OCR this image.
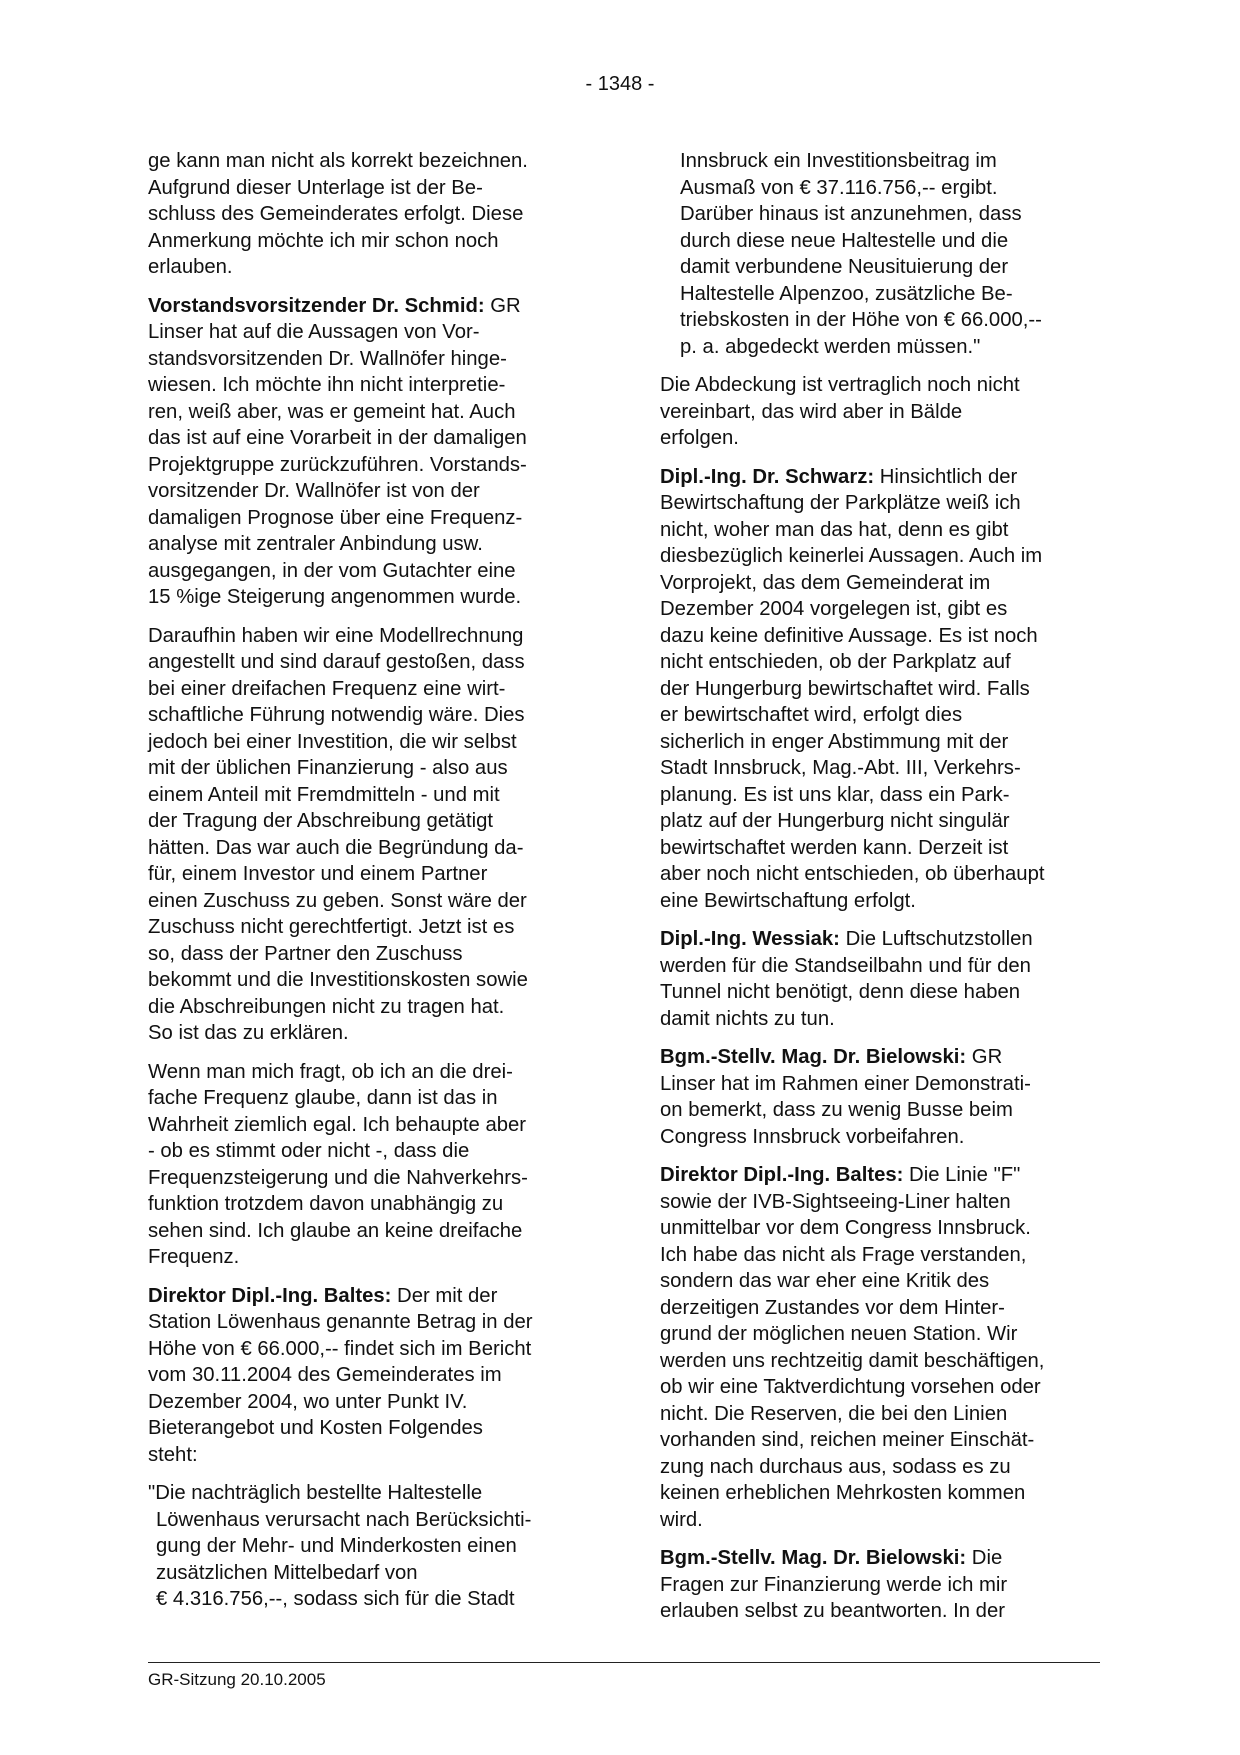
- 1348 -

ge kann man nicht als korrekt bezeichnen.
Aufgrund dieser Unterlage ist der Be-
schluss des Gemeinderates erfolgt. Diese
Anmerkung möchte ich mir schon noch
erlauben.

Vorstandsvorsitzender Dr. Schmid: GR
Linser hat auf die Aussagen von Vor-
standsvorsitzenden Dr. Wallnöfer hinge-
wiesen. Ich möchte ihn nicht interpretie-
ren, weiß aber, was er gemeint hat. Auch
das ist auf eine Vorarbeit in der damaligen
Projektgruppe zurückzuführen. Vorstands-
vorsitzender Dr. Wallnöfer ist von der
damaligen Prognose über eine Frequenz-
analyse mit zentraler Anbindung usw.
ausgegangen, in der vom Gutachter eine
15 %ige Steigerung angenommen wurde.

Daraufhin haben wir eine Modellrechnung
angestellt und sind darauf gestoßen, dass
bei einer dreifachen Frequenz eine wirt-
schaftliche Führung notwendig wäre. Dies
jedoch bei einer Investition, die wir selbst
mit der üblichen Finanzierung - also aus
einem Anteil mit Fremdmitteln - und mit
der Tragung der Abschreibung getätigt
hätten. Das war auch die Begründung da-
für, einem Investor und einem Partner
einen Zuschuss zu geben. Sonst wäre der
Zuschuss nicht gerechtfertigt. Jetzt ist es
so, dass der Partner den Zuschuss
bekommt und die Investitionskosten sowie
die Abschreibungen nicht zu tragen hat.
So ist das zu erklären.

Wenn man mich fragt, ob ich an die drei-
fache Frequenz glaube, dann ist das in
Wahrheit ziemlich egal. Ich behaupte aber
- ob es stimmt oder nicht -, dass die
Frequenzsteigerung und die Nahverkehrs-
funktion trotzdem davon unabhängig zu
sehen sind. Ich glaube an keine dreifache
Frequenz.

Direktor Dipl.-Ing. Baltes: Der mit der
Station Löwenhaus genannte Betrag in der
Höhe von € 66.000,-- findet sich im Bericht
vom 30.11.2004 des Gemeinderates im
Dezember 2004, wo unter Punkt IV.
Bieterangebot und Kosten Folgendes
steht:

"Die nachträglich bestellte Haltestelle
Löwenhaus verursacht nach Berücksichti-
gung der Mehr- und Minderkosten einen
zusätzlichen Mittelbedarf von
€ 4.316.756,--, sodass sich für die Stadt

Innsbruck ein Investitionsbeitrag im
Ausmaß von € 37.116.756,-- ergibt.
Darüber hinaus ist anzunehmen, dass
durch diese neue Haltestelle und die
damit verbundene Neusituierung der
Haltestelle Alpenzoo, zusätzliche Be-
triebskosten in der Höhe von € 66.000,--
p. a. abgedeckt werden müssen."

Die Abdeckung ist vertraglich noch nicht
vereinbart, das wird aber in Bälde
erfolgen.

Dipl.-Ing. Dr. Schwarz: Hinsichtlich der
Bewirtschaftung der Parkplätze weiß ich
nicht, woher man das hat, denn es gibt
diesbezüglich keinerlei Aussagen. Auch im
Vorprojekt, das dem Gemeinderat im
Dezember 2004 vorgelegen ist, gibt es
dazu keine definitive Aussage. Es ist noch
nicht entschieden, ob der Parkplatz auf
der Hungerburg bewirtschaftet wird. Falls
er bewirtschaftet wird, erfolgt dies
sicherlich in enger Abstimmung mit der
Stadt Innsbruck, Mag.-Abt. III, Verkehrs-
planung. Es ist uns klar, dass ein Park-
platz auf der Hungerburg nicht singulär
bewirtschaftet werden kann. Derzeit ist
aber noch nicht entschieden, ob überhaupt
eine Bewirtschaftung erfolgt.

Dipl.-Ing. Wessiak: Die Luftschutzstollen
werden für die Standseilbahn und für den
Tunnel nicht benötigt, denn diese haben
damit nichts zu tun.

Bgm.-Stellv. Mag. Dr. Bielowski: GR
Linser hat im Rahmen einer Demonstrati-
on bemerkt, dass zu wenig Busse beim
Congress Innsbruck vorbeifahren.

Direktor Dipl.-Ing. Baltes: Die Linie "F"
sowie der IVB-Sightseeing-Liner halten
unmittelbar vor dem Congress Innsbruck.
Ich habe das nicht als Frage verstanden,
sondern das war eher eine Kritik des
derzeitigen Zustandes vor dem Hinter-
grund der möglichen neuen Station. Wir
werden uns rechtzeitig damit beschäftigen,
ob wir eine Taktverdichtung vorsehen oder
nicht. Die Reserven, die bei den Linien
vorhanden sind, reichen meiner Einschät-
zung nach durchaus aus, sodass es zu
keinen erheblichen Mehrkosten kommen
wird.

Bgm.-Stellv. Mag. Dr. Bielowski: Die
Fragen zur Finanzierung werde ich mir
erlauben selbst zu beantworten. In der

GR-Sitzung 20.10.2005
